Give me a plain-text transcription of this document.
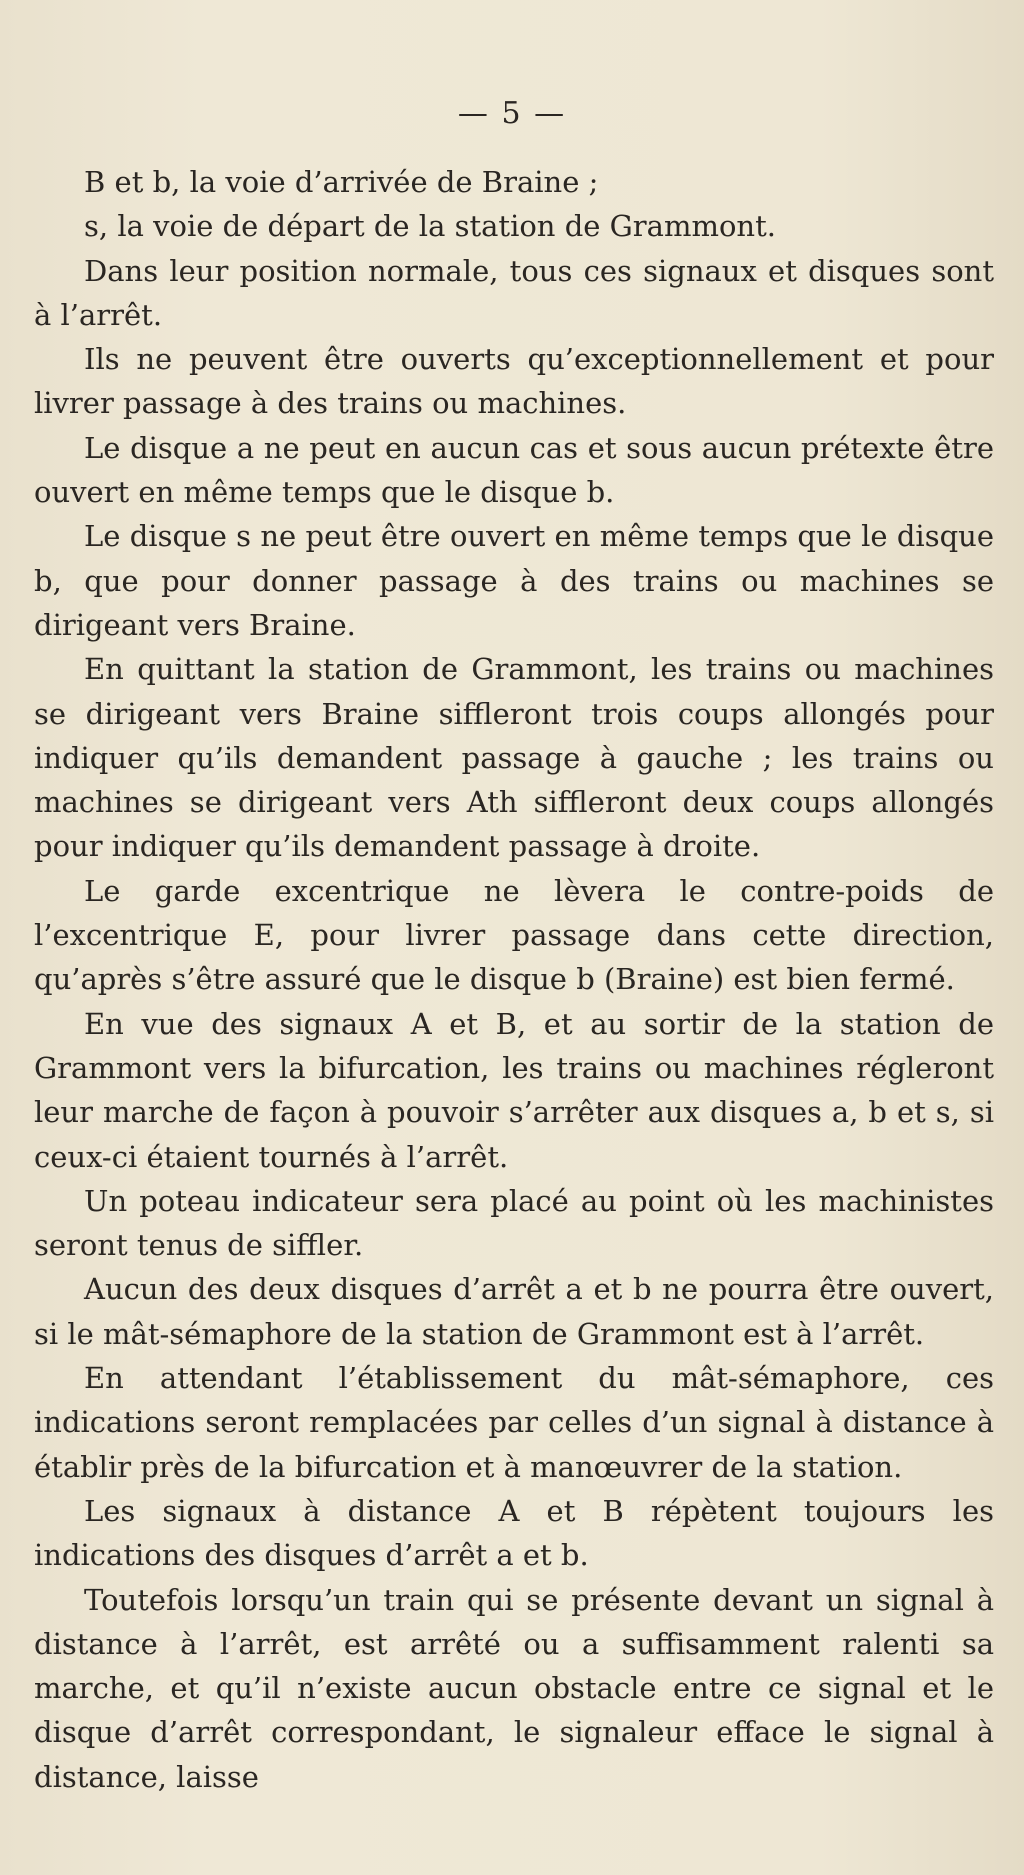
— 5 —

B et b, la voie d’arrivée de Braine ;

s, la voie de départ de la station de Grammont.

Dans leur position normale, tous ces signaux et disques sont à l’arrêt.

Ils ne peuvent être ouverts qu’exceptionnellement et pour livrer passage à des trains ou machines.

Le disque a ne peut en aucun cas et sous aucun prétexte être ouvert en même temps que le disque b.

Le disque s ne peut être ouvert en même temps que le disque b, que pour donner passage à des trains ou machines se dirigeant vers Braine.

En quittant la station de Grammont, les trains ou machines se dirigeant vers Braine siffleront trois coups allongés pour indiquer qu’ils demandent passage à gauche ; les trains ou machines se dirigeant vers Ath siffleront deux coups allongés pour indiquer qu’ils demandent passage à droite.

Le garde excentrique ne lèvera le contre-poids de l’excentrique E, pour livrer passage dans cette direction, qu’après s’être assuré que le disque b (Braine) est bien fermé.

En vue des signaux A et B, et au sortir de la station de Grammont vers la bifurcation, les trains ou machines régleront leur marche de façon à pouvoir s’arrêter aux disques a, b et s, si ceux-ci étaient tournés à l’arrêt.

Un poteau indicateur sera placé au point où les machinistes seront tenus de siffler.

Aucun des deux disques d’arrêt a et b ne pourra être ouvert, si le mât-sémaphore de la station de Grammont est à l’arrêt.

En attendant l’établissement du mât-sémaphore, ces indications seront remplacées par celles d’un signal à distance à établir près de la bifurcation et à manœuvrer de la station.

Les signaux à distance A et B répètent toujours les indications des disques d’arrêt a et b.

Toutefois lorsqu’un train qui se présente devant un signal à distance à l’arrêt, est arrêté ou a suffisamment ralenti sa marche, et qu’il n’existe aucun obstacle entre ce signal et le disque d’arrêt correspondant, le signaleur efface le signal à distance, laisse
